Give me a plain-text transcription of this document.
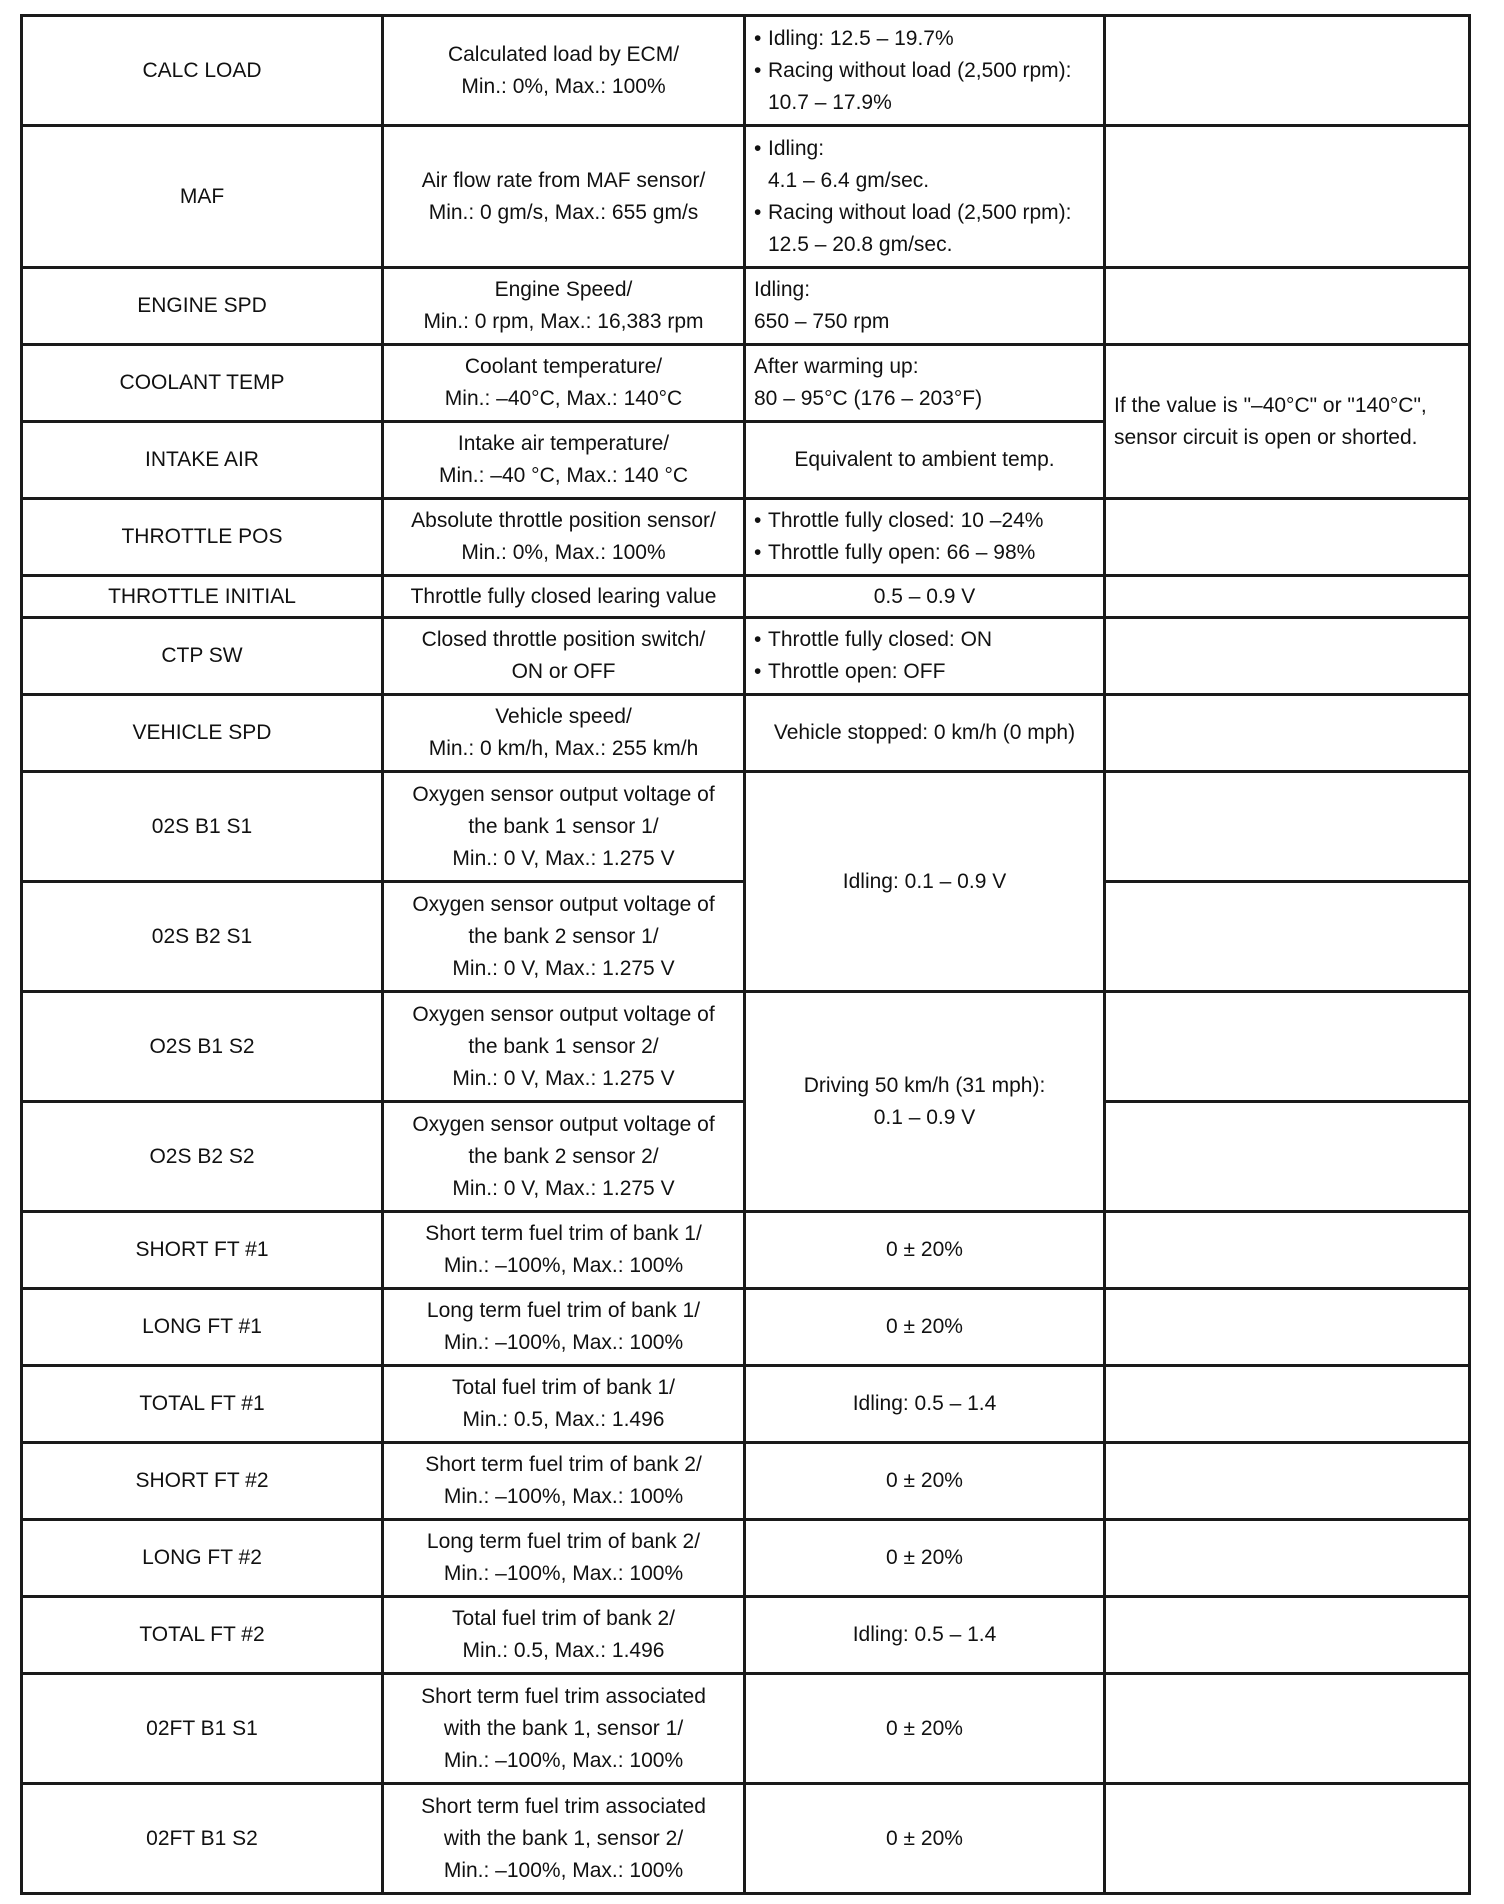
CALC LOAD	Calculated load by ECM/
Min.: 0%, Max.: 100%	• Idling: 12.5 – 19.7%
• Racing without load (2,500 rpm):
10.7 – 17.9%

MAF	Air flow rate from MAF sensor/
Min.: 0 gm/s, Max.: 655 gm/s	• Idling:
4.1 – 6.4 gm/sec.
• Racing without load (2,500 rpm):
12.5 – 20.8 gm/sec.

ENGINE SPD	Engine Speed/
Min.: 0 rpm, Max.: 16,383 rpm	Idling:
650 – 750 rpm	

COOLANT TEMP	Coolant temperature/
Min.: –40°C, Max.: 140°C	After warming up:
80 – 95°C (176 – 203°F)	If the value is "–40°C" or "140°C", sensor circuit is open or shorted.
INTAKE AIR	Intake air temperature/
Min.: –40 °C, Max.: 140 °C	Equivalent to ambient temp.	

THROTTLE POS	Absolute throttle position sensor/
Min.: 0%, Max.: 100%	• Throttle fully closed: 10 –24%
• Throttle fully open: 66 – 98%

THROTTLE INITIAL	Throttle fully closed learing value	0.5 – 0.9 V	

CTP SW	Closed throttle position switch/
ON or OFF	• Throttle fully closed: ON
• Throttle open: OFF

VEHICLE SPD	Vehicle speed/
Min.: 0 km/h, Max.: 255 km/h	Vehicle stopped: 0 km/h (0 mph)	

02S B1 S1	Oxygen sensor output voltage of
the bank 1 sensor 1/
Min.: 0 V, Max.: 1.275 V	Idling: 0.1 – 0.9 V	

02S B2 S1	Oxygen sensor output voltage of
the bank 2 sensor 1/
Min.: 0 V, Max.: 1.275 V		

O2S B1 S2	Oxygen sensor output voltage of
the bank 1 sensor 2/
Min.: 0 V, Max.: 1.275 V	Driving 50 km/h (31 mph):
0.1 – 0.9 V	

O2S B2 S2	Oxygen sensor output voltage of
the bank 2 sensor 2/
Min.: 0 V, Max.: 1.275 V		

SHORT FT #1	Short term fuel trim of bank 1/
Min.: –100%, Max.: 100%	0 ± 20%	

LONG FT #1	Long term fuel trim of bank 1/
Min.: –100%, Max.: 100%	0 ± 20%	

TOTAL FT #1	Total fuel trim of bank 1/
Min.: 0.5, Max.: 1.496	Idling: 0.5 – 1.4	

SHORT FT #2	Short term fuel trim of bank 2/
Min.: –100%, Max.: 100%	0 ± 20%	

LONG FT #2	Long term fuel trim of bank 2/
Min.: –100%, Max.: 100%	0 ± 20%	

TOTAL FT #2	Total fuel trim of bank 2/
Min.: 0.5, Max.: 1.496	Idling: 0.5 – 1.4	

02FT B1 S1	Short term fuel trim associated
with the bank 1, sensor 1/
Min.: –100%, Max.: 100%	0 ± 20%	

02FT B1 S2	Short term fuel trim associated
with the bank 1, sensor 2/
Min.: –100%, Max.: 100%	0 ± 20%	
